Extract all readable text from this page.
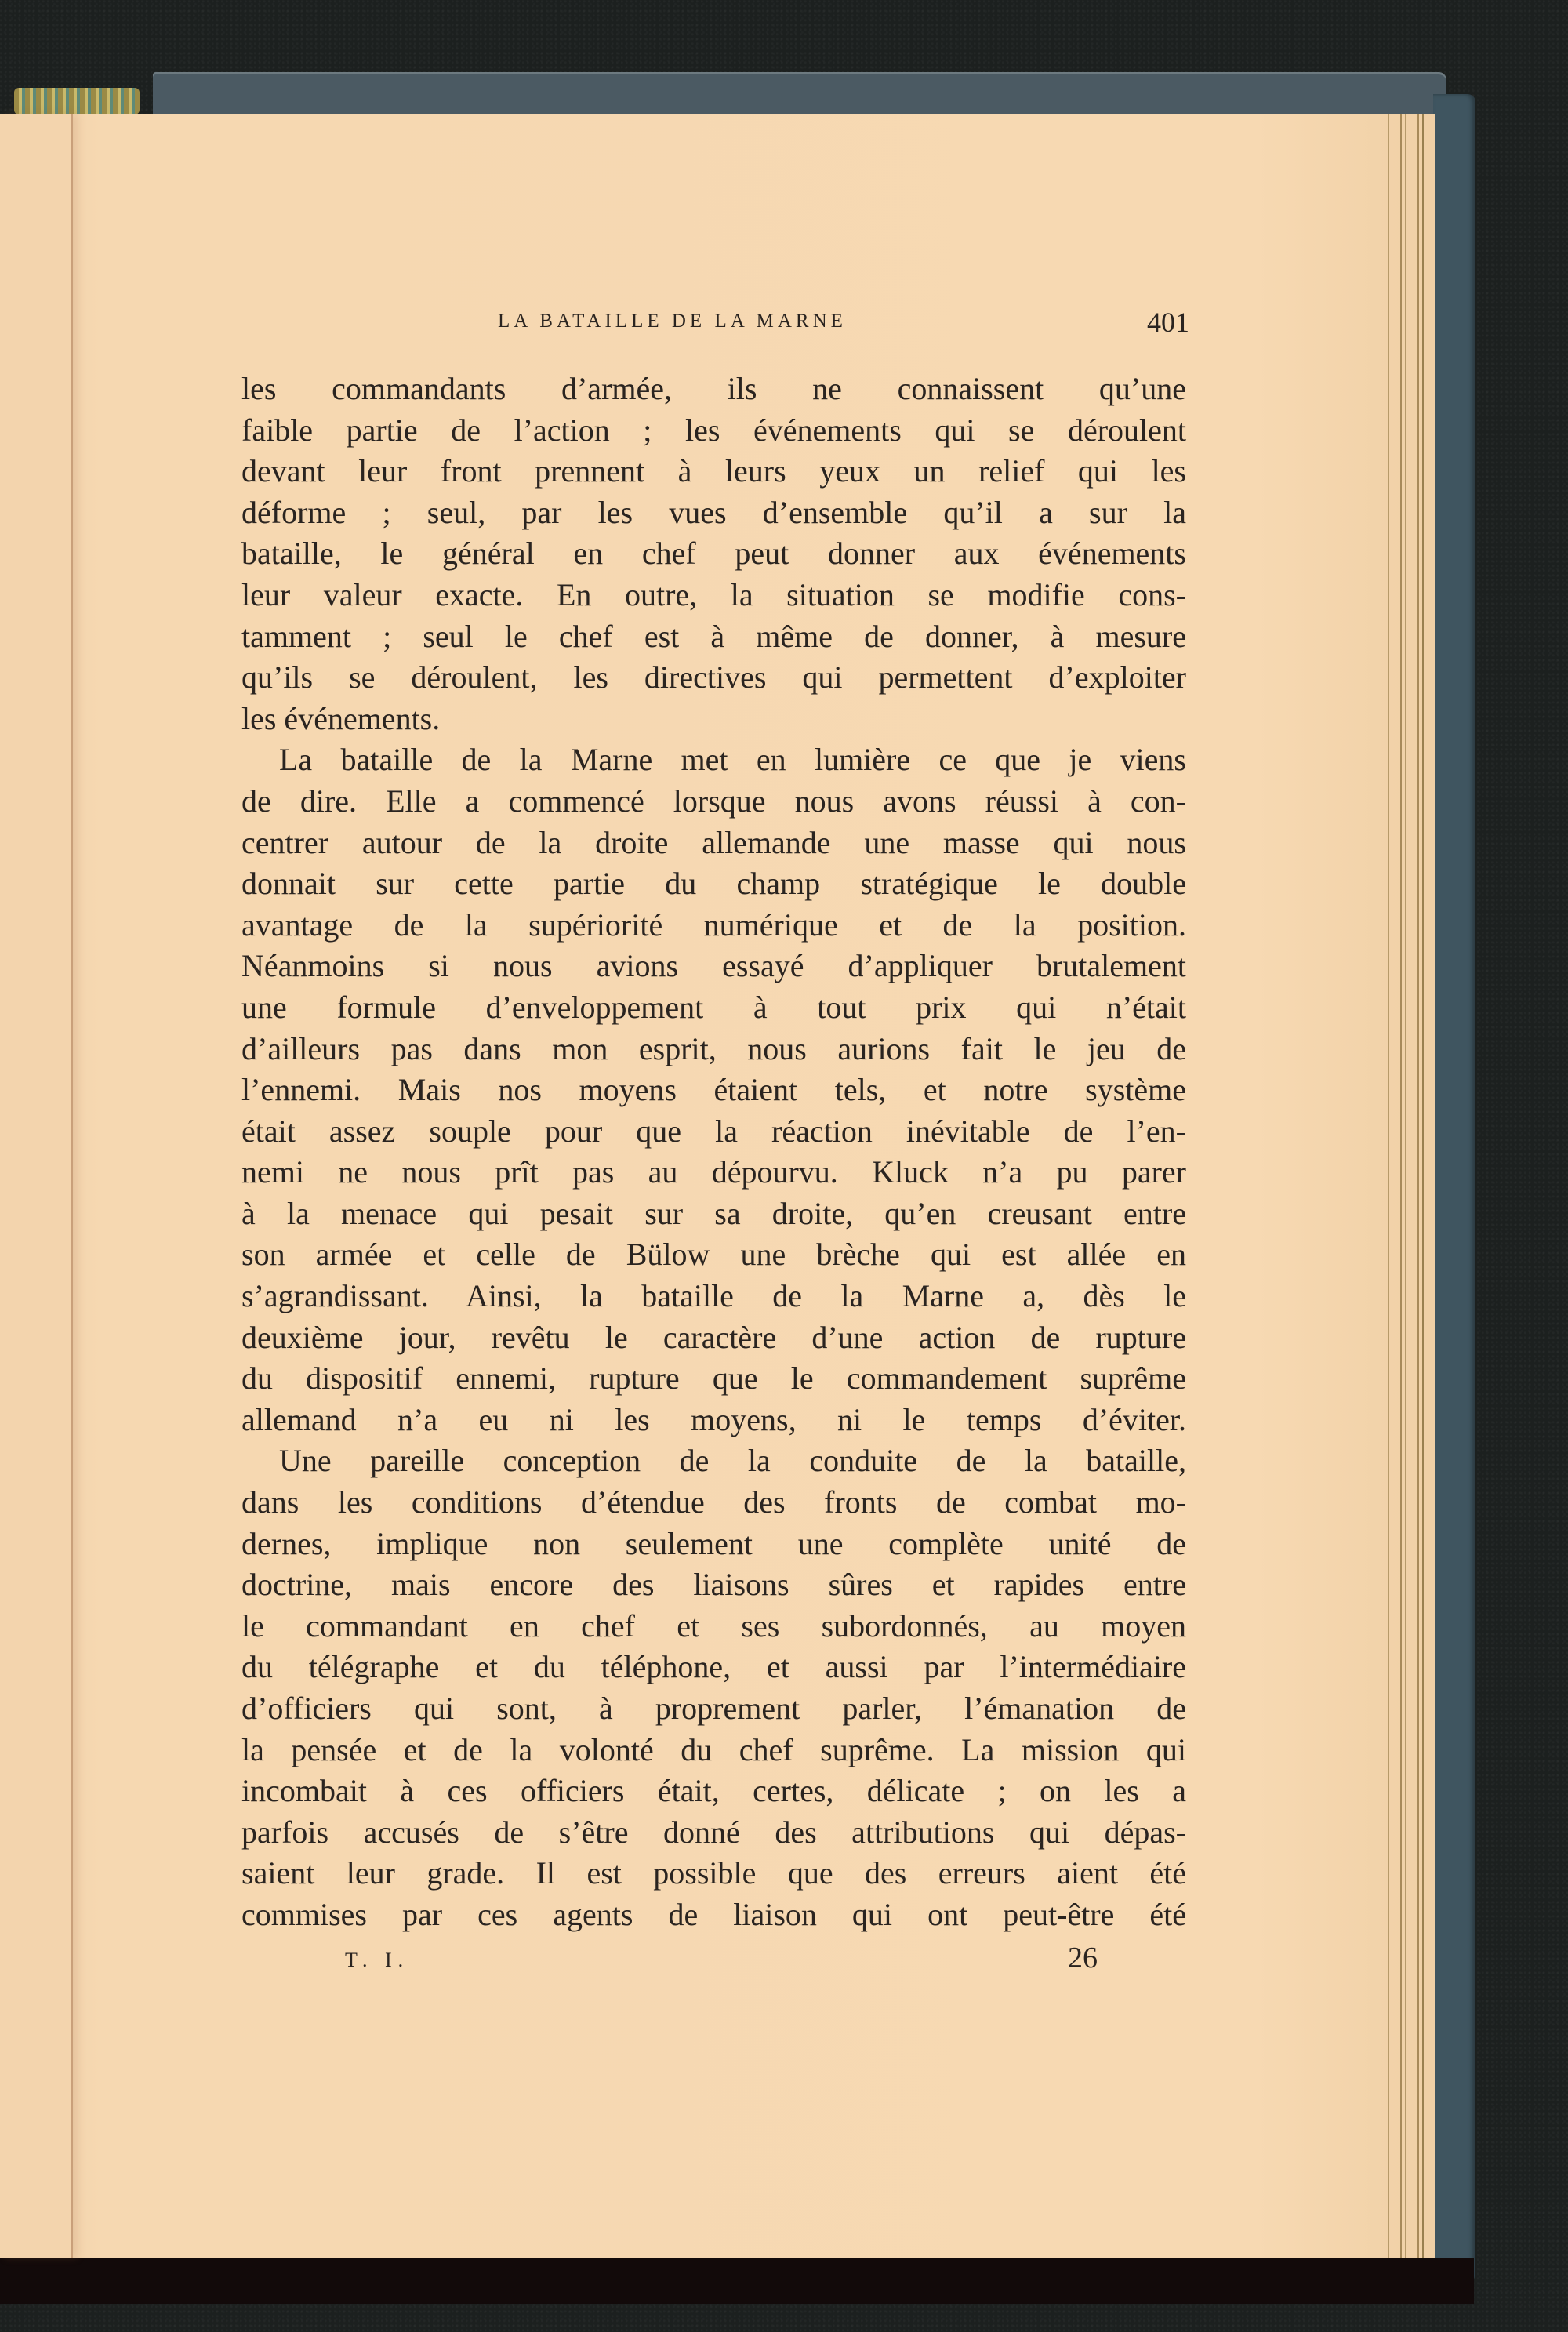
LA BATAILLE DE LA MARNE	401
les commandants d’armée, ils ne connaissent qu’une
faible partie de l’action ; les événements qui se déroulent
devant leur front prennent à leurs yeux un relief qui les
déforme ; seul, par les vues d’ensemble qu’il a sur la
bataille, le général en chef peut donner aux événements
leur valeur exacte. En outre, la situation se modifie cons-
tamment ; seul le chef est à même de donner, à mesure
qu’ils se déroulent, les directives qui permettent d’exploiter
les événements.
La bataille de la Marne met en lumière ce que je viens
de dire. Elle a commencé lorsque nous avons réussi à con-
centrer autour de la droite allemande une masse qui nous
donnait sur cette partie du champ stratégique le double
avantage de la supériorité numérique et de la position.
Néanmoins si nous avions essayé d’appliquer brutalement
une formule d’enveloppement à tout prix qui n’était
d’ailleurs pas dans mon esprit, nous aurions fait le jeu de
l’ennemi. Mais nos moyens étaient tels, et notre système
était assez souple pour que la réaction inévitable de l’en-
nemi ne nous prît pas au dépourvu. Kluck n’a pu parer
à la menace qui pesait sur sa droite, qu’en creusant entre
son armée et celle de Bülow une brèche qui est allée en
s’agrandissant. Ainsi, la bataille de la Marne a, dès le
deuxième jour, revêtu le caractère d’une action de rupture
du dispositif ennemi, rupture que le commandement suprême
allemand n’a eu ni les moyens, ni le temps d’éviter.
Une pareille conception de la conduite de la bataille,
dans les conditions d’étendue des fronts de combat mo-
dernes, implique non seulement une complète unité de
doctrine, mais encore des liaisons sûres et rapides entre
le commandant en chef et ses subordonnés, au moyen
du télégraphe et du téléphone, et aussi par l’intermédiaire
d’officiers qui sont, à proprement parler, l’émanation de
la pensée et de la volonté du chef suprême. La mission qui
incombait à ces officiers était, certes, délicate ; on les a
parfois accusés de s’être donné des attributions qui dépas-
saient leur grade. Il est possible que des erreurs aient été
commises par ces agents de liaison qui ont peut-être été
T. I.	26
